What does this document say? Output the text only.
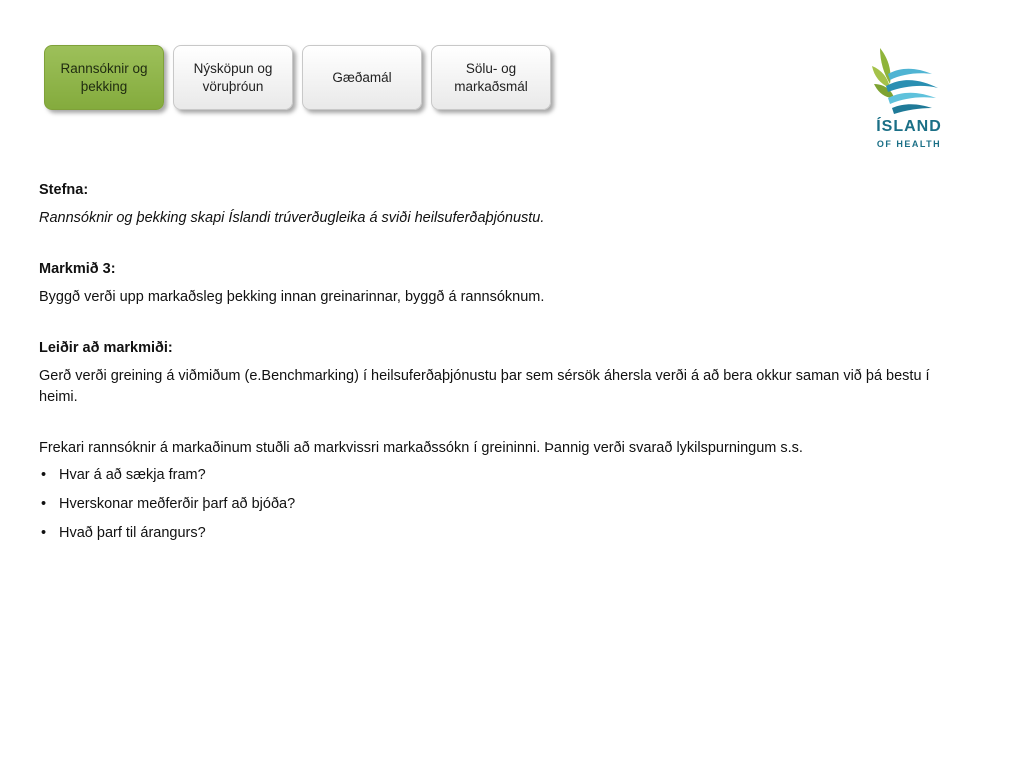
Rannsóknir og þekking
Nýsköpun og vöruþróun
Gæðamál
Sölu- og markaðsmál
ÍSLAND
OF HEALTH

Stefna:

Rannsóknir og þekking skapi Íslandi trúverðugleika á sviði heilsuferðaþjónustu.

Markmið 3:

Byggð verði upp markaðsleg þekking innan greinarinnar, byggð á rannsóknum.

Leiðir að markmiði:

Gerð verði greining á viðmiðum (e.Benchmarking) í heilsuferðaþjónustu þar sem sérsök áhersla verði á að bera okkur saman við þá bestu í heimi.

Frekari rannsóknir á markaðinum stuðli að markvissri markaðssókn í greininni. Þannig verði svarað lykilspurningum s.s.

• Hvar á að sækja fram?
• Hverskonar meðferðir þarf að bjóða?
• Hvað þarf til árangurs?
